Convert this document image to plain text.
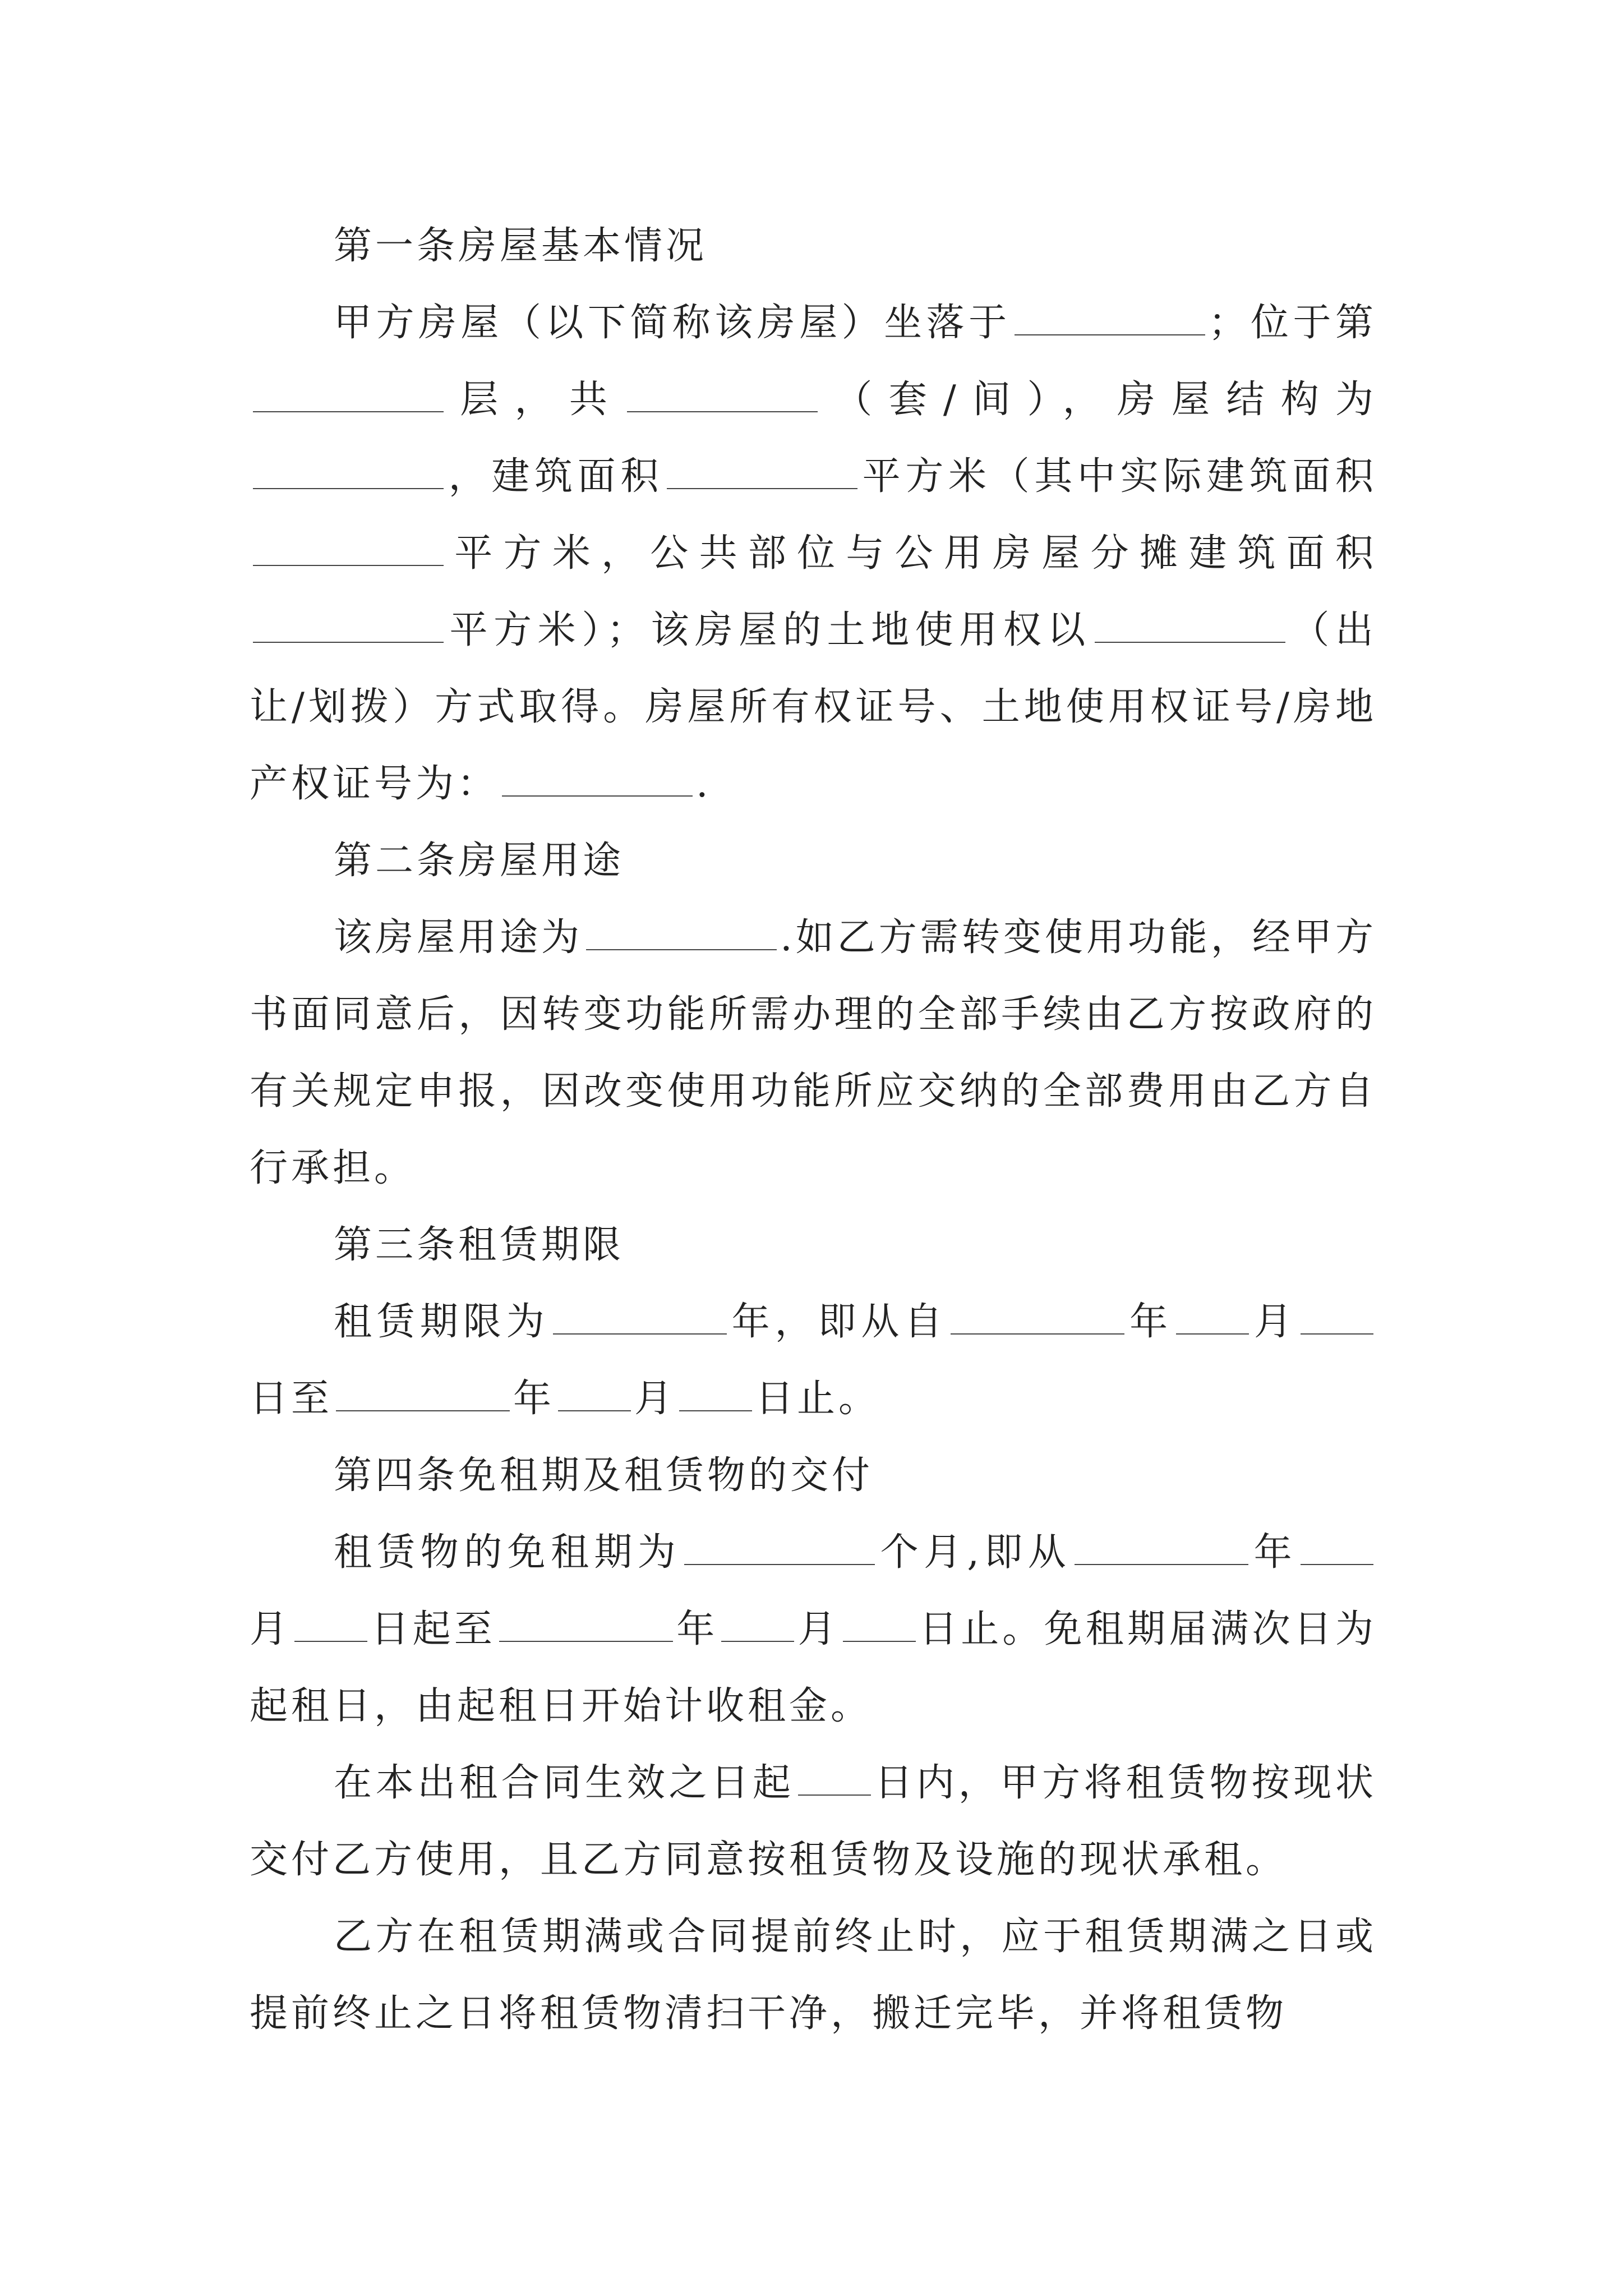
第一条房屋基本情况

甲方房屋（以下简称该房屋）坐落于	；位于第层，共	（套/间），房屋结构为，建筑面积	平方米（其中实际建筑面积平方米，公共部位与公用房屋分摊建筑面积平方米）；该房屋的土地使用权以	（出让/划拨）方式取得。房屋所有权证号、土地使用权证号/房地产权证号为：	.

第二条房屋用途

该房屋用途为	.如乙方需转变使用功能，经甲方书面同意后，因转变功能所需办理的全部手续由乙方按政府的有关规定申报，因改变使用功能所应交纳的全部费用由乙方自行承担。

第三条租赁期限

租赁期限为	年，即从自	年 月日至	年 月 日止。

第四条免租期及租赁物的交付

租赁物的免租期为	个月,即从	年月 日起至	年 月 日止。免租期届满次日为起租日，由起租日开始计收租金。

在本出租合同生效之日起 日内，甲方将租赁物按现状交付乙方使用，且乙方同意按租赁物及设施的现状承租。

乙方在租赁期满或合同提前终止时，应于租赁期满之日或提前终止之日将租赁物清扫干净，搬迁完毕，并将租赁物
